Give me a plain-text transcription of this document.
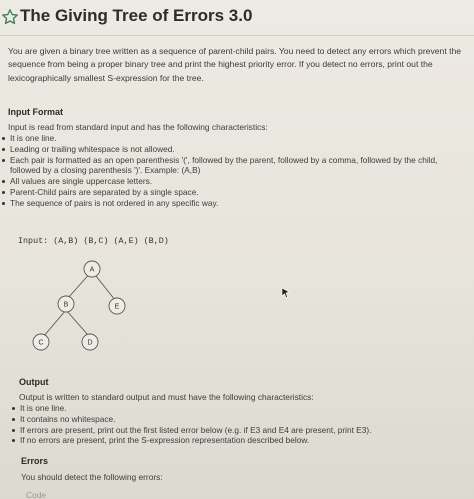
The Giving Tree of Errors 3.0
You are given a binary tree written as a sequence of parent-child pairs. You need to detect any errors which prevent the sequence from being a proper binary tree and print the highest priority error. If you detect no errors, print out the lexicographically smallest S-expression for the tree.
Input Format
Input is read from standard input and has the following characteristics:
It is one line.
Leading or trailing whitespace is not allowed.
Each pair is formatted as an open parenthesis '(', followed by the parent, followed by a comma, followed by the child, followed by a closing parenthesis ')'. Example: (A,B)
All values are single uppercase letters.
Parent-Child pairs are separated by a single space.
The sequence of pairs is not ordered in any specific way.
Input: (A,B) (B,C) (A,E) (B,D)
A
B	E
C	D
Output
Output is written to standard output and must have the following characteristics:
It is one line.
It contains no whitespace.
If errors are present, print out the first listed error below (e.g. if E3 and E4 are present, print E3).
If no errors are present, print the S-expression representation described below.
Errors
You should detect the following errors:
Code
